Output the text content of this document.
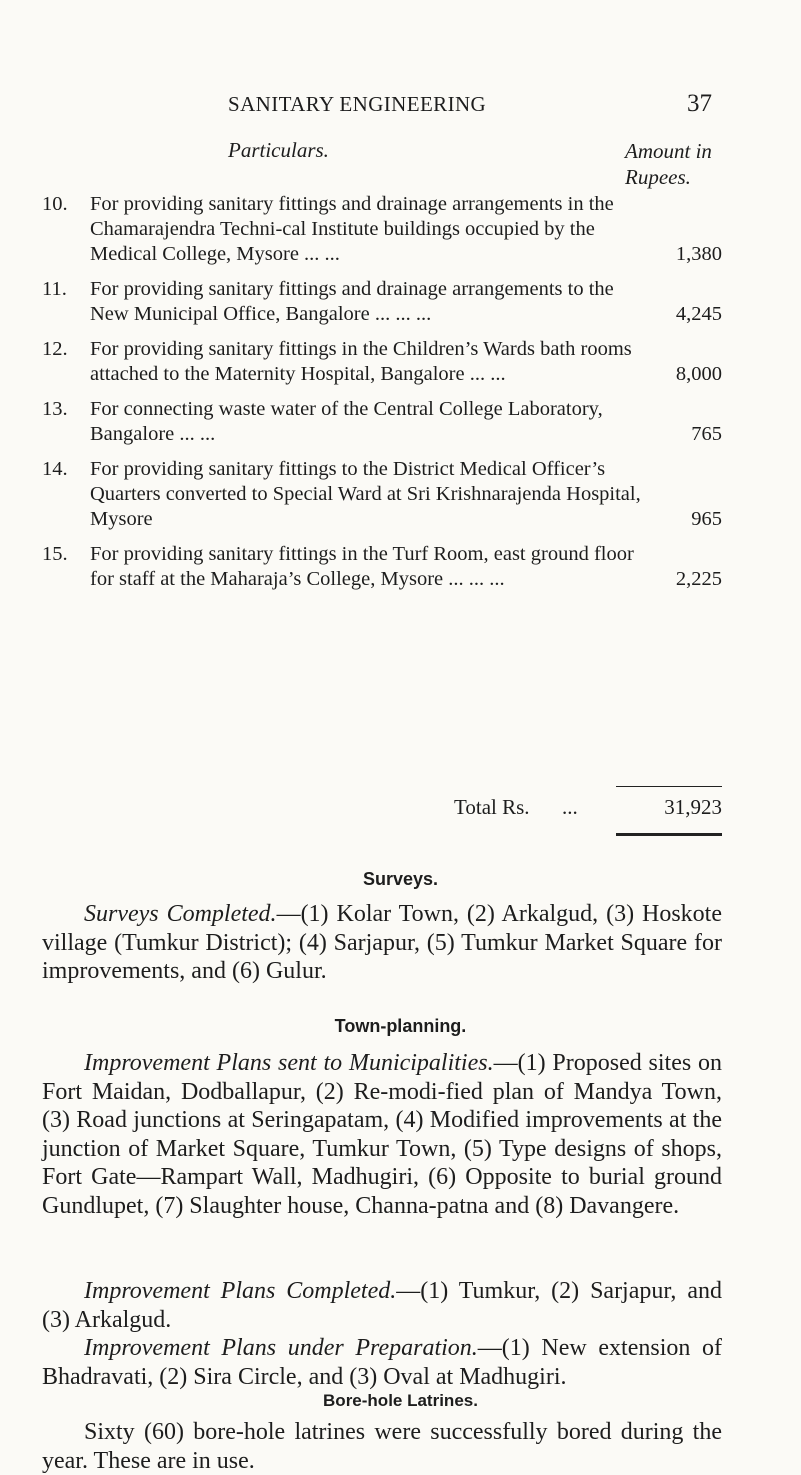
SANITARY ENGINEERING	37
Particulars.	Amount in
Rupees.
10.	For providing sanitary fittings and drainage arrangements in the Chamarajendra Techni-cal Institute buildings occupied by the Medical College, Mysore ... ...	1,380
11.	For providing sanitary fittings and drainage arrangements to the New Municipal Office, Bangalore ... ... ...	4,245
12.	For providing sanitary fittings in the Children’s Wards bath rooms attached to the Maternity Hospital, Bangalore ... ...	8,000
13.	For connecting waste water of the Central College Laboratory, Bangalore ... ...	765
14.	For providing sanitary fittings to the District Medical Officer’s Quarters converted to Special Ward at Sri Krishnarajenda Hospital, Mysore	965
15.	For providing sanitary fittings in the Turf Room, east ground floor for staff at the Maharaja’s College, Mysore ... ... ...	2,225
Total Rs. ...	31,923
Surveys.
Surveys Completed.—(1) Kolar Town, (2) Arkalgud, (3) Hoskote village (Tumkur District); (4) Sarjapur, (5) Tumkur Market Square for improvements, and (6) Gulur.
Town-planning.
Improvement Plans sent to Municipalities.—(1) Proposed sites on Fort Maidan, Dodballapur, (2) Re-modi-fied plan of Mandya Town, (3) Road junctions at Seringapatam, (4) Modified improvements at the junction of Market Square, Tumkur Town, (5) Type designs of shops, Fort Gate—Rampart Wall, Madhugiri, (6) Opposite to burial ground Gundlupet, (7) Slaughter house, Channa-patna and (8) Davangere.
Improvement Plans Completed.—(1) Tumkur, (2) Sarjapur, and (3) Arkalgud.
Improvement Plans under Preparation.—(1) New extension of Bhadravati, (2) Sira Circle, and (3) Oval at Madhugiri.
Bore-hole Latrines.
Sixty (60) bore-hole latrines were successfully bored during the year. These are in use.
